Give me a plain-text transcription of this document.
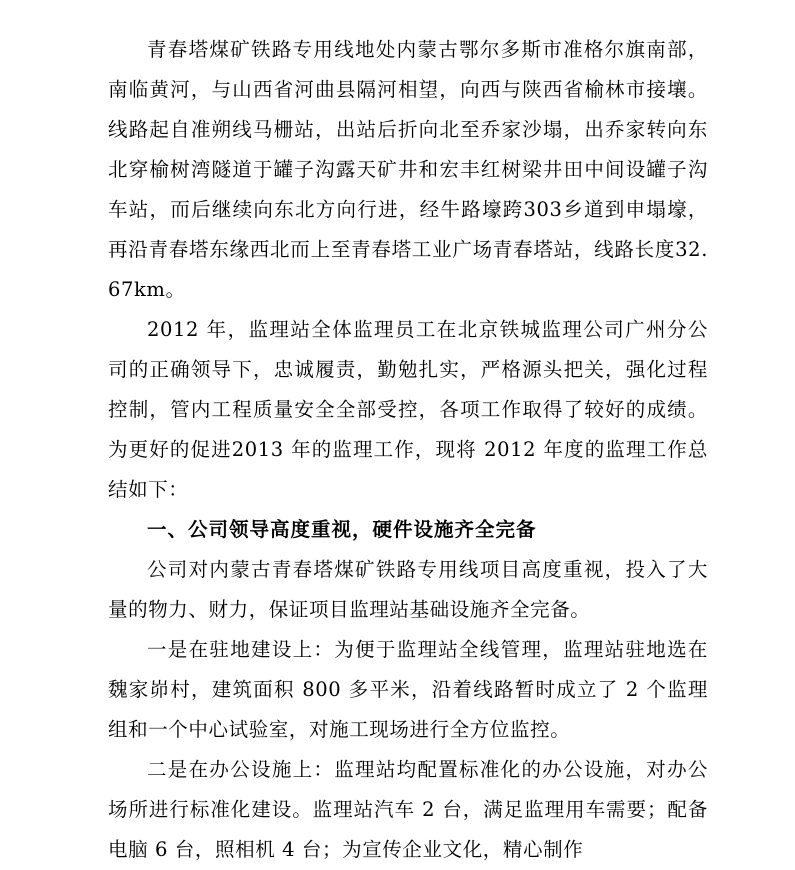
青春塔煤矿铁路专用线地处内蒙古鄂尔多斯市准格尔旗南部，南临黄河，与山西省河曲县隔河相望，向西与陕西省榆林市接壤。线路起自准朔线马栅站，出站后折向北至乔家沙塌，出乔家转向东北穿榆树湾隧道于罐子沟露天矿井和宏丰红树梁井田中间设罐子沟车站，而后继续向东北方向行进，经牛路壕跨303乡道到申塌壕，再沿青春塔东缘西北而上至青春塔工业广场青春塔站，线路长度32.67km。

2012 年，监理站全体监理员工在北京铁城监理公司广州分公司的正确领导下，忠诚履责，勤勉扎实，严格源头把关，强化过程控制，管内工程质量安全全部受控，各项工作取得了较好的成绩。为更好的促进2013 年的监理工作，现将 2012 年度的监理工作总结如下：

一、公司领导高度重视，硬件设施齐全完备

公司对内蒙古青春塔煤矿铁路专用线项目高度重视，投入了大量的物力、财力，保证项目监理站基础设施齐全完备。

一是在驻地建设上：为便于监理站全线管理，监理站驻地选在魏家峁村，建筑面积 800 多平米，沿着线路暂时成立了 2 个监理组和一个中心试验室，对施工现场进行全方位监控。

二是在办公设施上：监理站均配置标准化的办公设施，对办公场所进行标准化建设。监理站汽车 2 台，满足监理用车需要；配备电脑 6 台，照相机 4 台；为宣传企业文化，精心制作
